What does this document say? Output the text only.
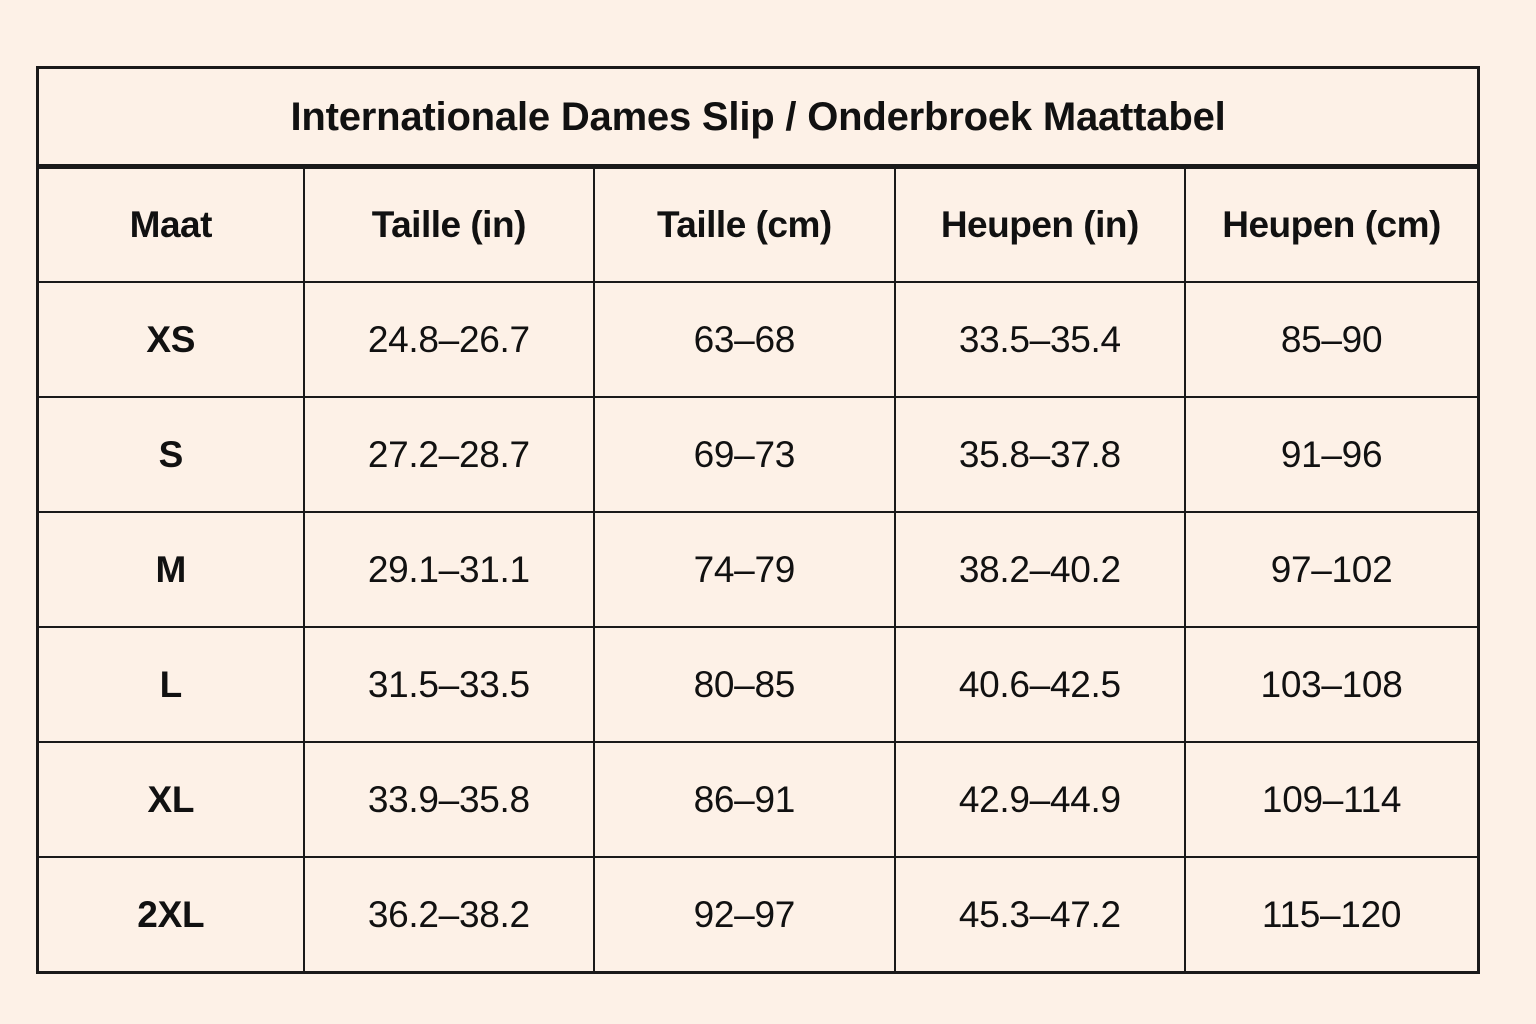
Internationale Dames Slip / Onderbroek Maattabel
Maat	Taille (in)	Taille (cm)	Heupen (in)	Heupen (cm)
XS	24.8–26.7	63–68	33.5–35.4	85–90
S	27.2–28.7	69–73	35.8–37.8	91–96
M	29.1–31.1	74–79	38.2–40.2	97–102
L	31.5–33.5	80–85	40.6–42.5	103–108
XL	33.9–35.8	86–91	42.9–44.9	109–114
2XL	36.2–38.2	92–97	45.3–47.2	115–120
